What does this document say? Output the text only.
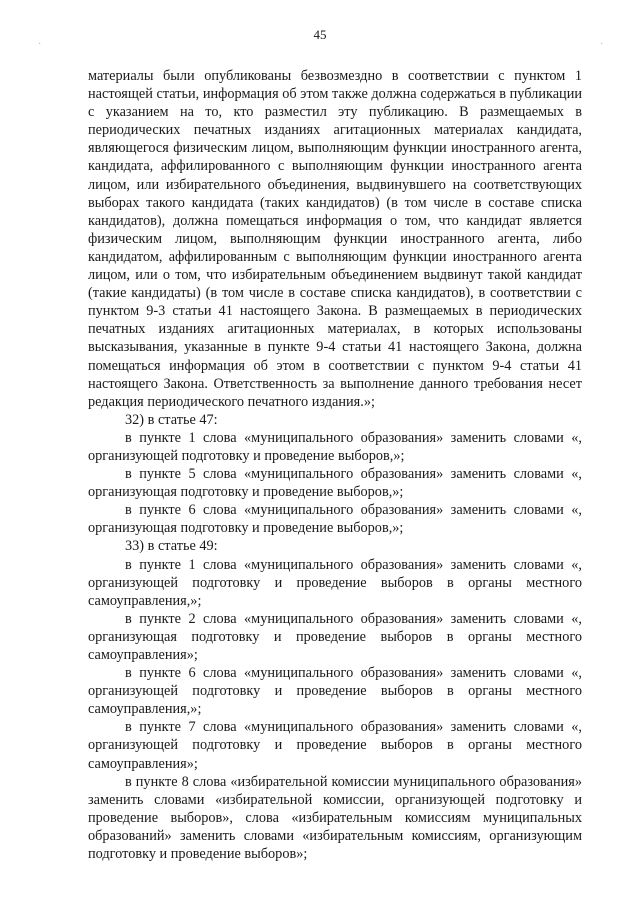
45
·	·

материалы были опубликованы безвозмездно в соответствии с пунктом 1 настоящей статьи, информация об этом также должна содержаться в публикации с указанием на то, кто разместил эту публикацию. В размещаемых в периодических печатных изданиях агитационных материалах кандидата, являющегося физическим лицом, выполняющим функции иностранного агента, кандидата, аффилированного с выполняющим функции иностранного агента лицом, или избирательного объединения, выдвинувшего на соответствующих выборах такого кандидата (таких кандидатов) (в том числе в составе списка кандидатов), должна помещаться информация о том, что кандидат является физическим лицом, выполняющим функции иностранного агента, либо кандидатом, аффилированным с выполняющим функции иностранного агента лицом, или о том, что избирательным объединением выдвинут такой кандидат (такие кандидаты) (в том числе в составе списка кандидатов), в соответствии с пунктом 9-3 статьи 41 настоящего Закона. В размещаемых в периодических печатных изданиях агитационных материалах, в которых использованы высказывания, указанные в пункте 9-4 статьи 41 настоящего Закона, должна помещаться информация об этом в соответствии с пунктом 9-4 статьи 41 настоящего Закона. Ответственность за выполнение данного требования несет редакция периодического печатного издания.»;

32) в статье 47:

в пункте 1 слова «муниципального образования» заменить словами «, организующей подготовку и проведение выборов,»;

в пункте 5 слова «муниципального образования» заменить словами «, организующая подготовку и проведение выборов,»;

в пункте 6 слова «муниципального образования» заменить словами «, организующая подготовку и проведение выборов,»;

33) в статье 49:

в пункте 1 слова «муниципального образования» заменить словами «, организующей подготовку и проведение выборов в органы местного самоуправления,»;

в пункте 2 слова «муниципального образования» заменить словами «, организующая подготовку и проведение выборов в органы местного самоуправления»;

в пункте 6 слова «муниципального образования» заменить словами «, организующей подготовку и проведение выборов в органы местного самоуправления,»;

в пункте 7 слова «муниципального образования» заменить словами «, организующей подготовку и проведение выборов в органы местного самоуправления»;

в пункте 8 слова «избирательной комиссии муниципального образования» заменить словами «избирательной комиссии, организующей подготовку и проведение выборов», слова «избирательным комиссиям муниципальных образований» заменить словами «избирательным комиссиям, организующим подготовку и проведение выборов»;
